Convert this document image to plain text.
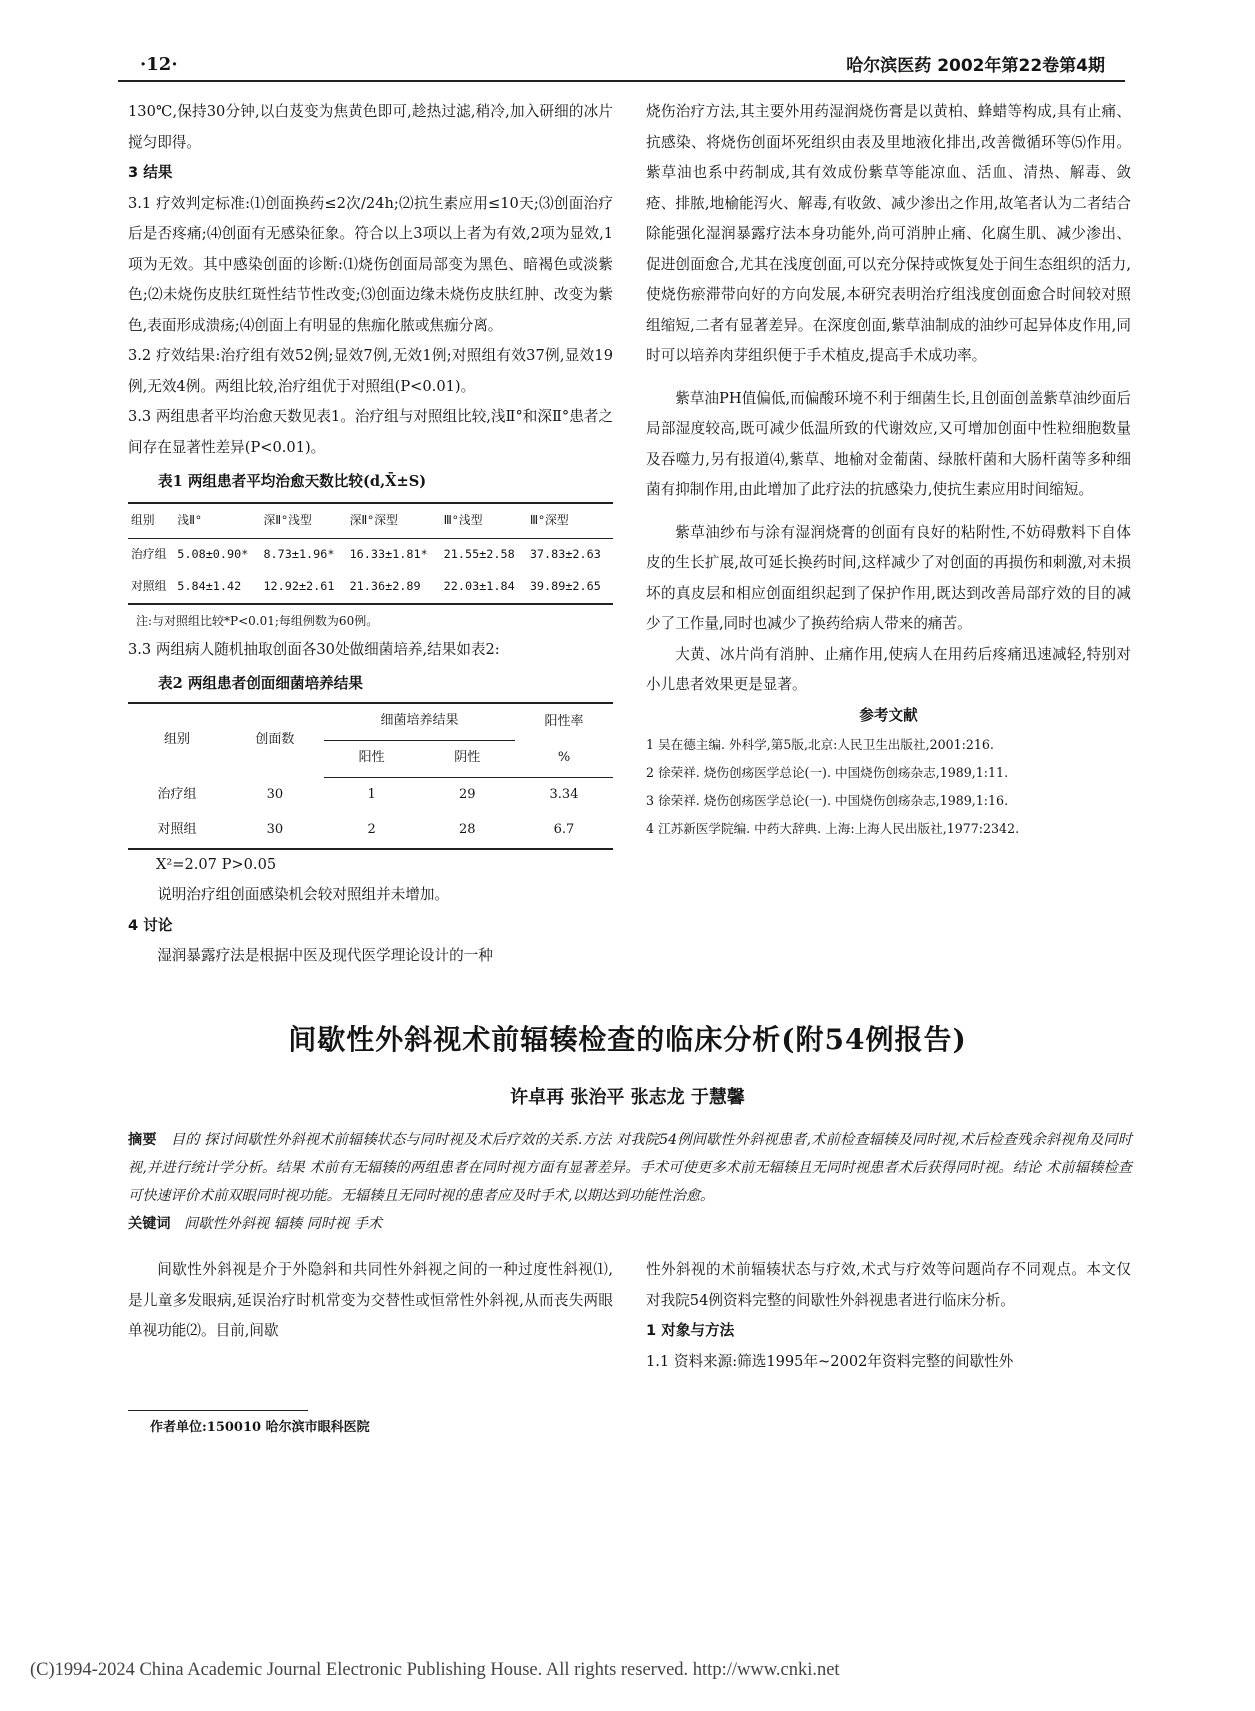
·12·	哈尔滨医药 2002年第22卷第4期

130℃,保持30分钟,以白芨变为焦黄色即可,趁热过滤,稍冷,加入研细的冰片搅匀即得。

3 结果

3.1 疗效判定标准:⑴创面换药≤2次/24h;⑵抗生素应用≤10天;⑶创面治疗后是否疼痛;⑷创面有无感染征象。符合以上3项以上者为有效,2项为显效,1项为无效。其中感染创面的诊断:⑴烧伤创面局部变为黑色、暗褐色或淡紫色;⑵未烧伤皮肤红斑性结节性改变;⑶创面边缘未烧伤皮肤红肿、改变为紫色,表面形成溃疡;⑷创面上有明显的焦痂化脓或焦痂分离。

3.2 疗效结果:治疗组有效52例;显效7例,无效1例;对照组有效37例,显效19例,无效4例。两组比较,治疗组优于对照组(P<0.01)。

3.3 两组患者平均治愈天数见表1。治疗组与对照组比较,浅Ⅱ°和深Ⅱ°患者之间存在显著性差异(P<0.01)。

表1 两组患者平均治愈天数比较(d,X̄±S)

组别	浅Ⅱ°	深Ⅱ°浅型	深Ⅱ°深型	Ⅲ°浅型	Ⅲ°深型
治疗组	5.08±0.90*	8.73±1.96*	16.33±1.81*	21.55±2.58	37.83±2.63
对照组	5.84±1.42	12.92±2.61	21.36±2.89	22.03±1.84	39.89±2.65

注:与对照组比较*P<0.01;每组例数为60例。

3.3 两组病人随机抽取创面各30处做细菌培养,结果如表2:

表2 两组患者创面细菌培养结果

组别	创面数	细菌培养结果		阳性率
		阳性	阴性	%
治疗组	30	1	29	3.34
对照组	30	2	28	6.7

X²=2.07 P>0.05

说明治疗组创面感染机会较对照组并未增加。

4 讨论

湿润暴露疗法是根据中医及现代医学理论设计的一种

烧伤治疗方法,其主要外用药湿润烧伤膏是以黄柏、蜂蜡等构成,具有止痛、抗感染、将烧伤创面坏死组织由表及里地液化排出,改善微循环等⑸作用。紫草油也系中药制成,其有效成份紫草等能凉血、活血、清热、解毒、敛疮、排脓,地榆能泻火、解毒,有收敛、减少渗出之作用,故笔者认为二者结合除能强化湿润暴露疗法本身功能外,尚可消肿止痛、化腐生肌、减少渗出、促进创面愈合,尤其在浅度创面,可以充分保持或恢复处于间生态组织的活力,使烧伤瘀滞带向好的方向发展,本研究表明治疗组浅度创面愈合时间较对照组缩短,二者有显著差异。在深度创面,紫草油制成的油纱可起异体皮作用,同时可以培养肉芽组织便于手术植皮,提高手术成功率。

紫草油PH值偏低,而偏酸环境不利于细菌生长,且创面创盖紫草油纱面后局部湿度较高,既可减少低温所致的代谢效应,又可增加创面中性粒细胞数量及吞噬力,另有报道⑷,紫草、地榆对金葡菌、绿脓杆菌和大肠杆菌等多种细菌有抑制作用,由此增加了此疗法的抗感染力,使抗生素应用时间缩短。

紫草油纱布与涂有湿润烧膏的创面有良好的粘附性,不妨碍敷料下自体皮的生长扩展,故可延长换药时间,这样减少了对创面的再损伤和刺激,对未损坏的真皮层和相应创面组织起到了保护作用,既达到改善局部疗效的目的减少了工作量,同时也减少了换药给病人带来的痛苦。

大黄、冰片尚有消肿、止痛作用,使病人在用药后疼痛迅速减轻,特别对小儿患者效果更是显著。

参考文献

1 吴在德主编. 外科学,第5版,北京:人民卫生出版社,2001:216.

2 徐荣祥. 烧伤创疡医学总论(一). 中国烧伤创疡杂志,1989,1:11.

3 徐荣祥. 烧伤创疡医学总论(一). 中国烧伤创疡杂志,1989,1:16.

4 江苏新医学院编. 中药大辞典. 上海:上海人民出版社,1977:2342.

间歇性外斜视术前辐辏检查的临床分析(附54例报告)
许卓再 张治平 张志龙 于慧馨

摘要 目的 探讨间歇性外斜视术前辐辏状态与同时视及术后疗效的关系.方法 对我院54例间歇性外斜视患者,术前检查辐辏及同时视,术后检查残余斜视角及同时视,并进行统计学分析。结果 术前有无辐辏的两组患者在同时视方面有显著差异。手术可使更多术前无辐辏且无同时视患者术后获得同时视。结论 术前辐辏检查可快速评价术前双眼同时视功能。无辐辏且无同时视的患者应及时手术,以期达到功能性治愈。

关键词 间歇性外斜视 辐辏 同时视 手术

间歇性外斜视是介于外隐斜和共同性外斜视之间的一种过度性斜视⑴,是儿童多发眼病,延误治疗时机常变为交替性或恒常性外斜视,从而丧失两眼单视功能⑵。目前,间歇

性外斜视的术前辐辏状态与疗效,术式与疗效等问题尚存不同观点。本文仅对我院54例资料完整的间歇性外斜视患者进行临床分析。

1 对象与方法

1.1 资料来源:筛选1995年~2002年资料完整的间歇性外

作者单位:150010 哈尔滨市眼科医院
(C)1994-2024 China Academic Journal Electronic Publishing House. All rights reserved. http://www.cnki.net
